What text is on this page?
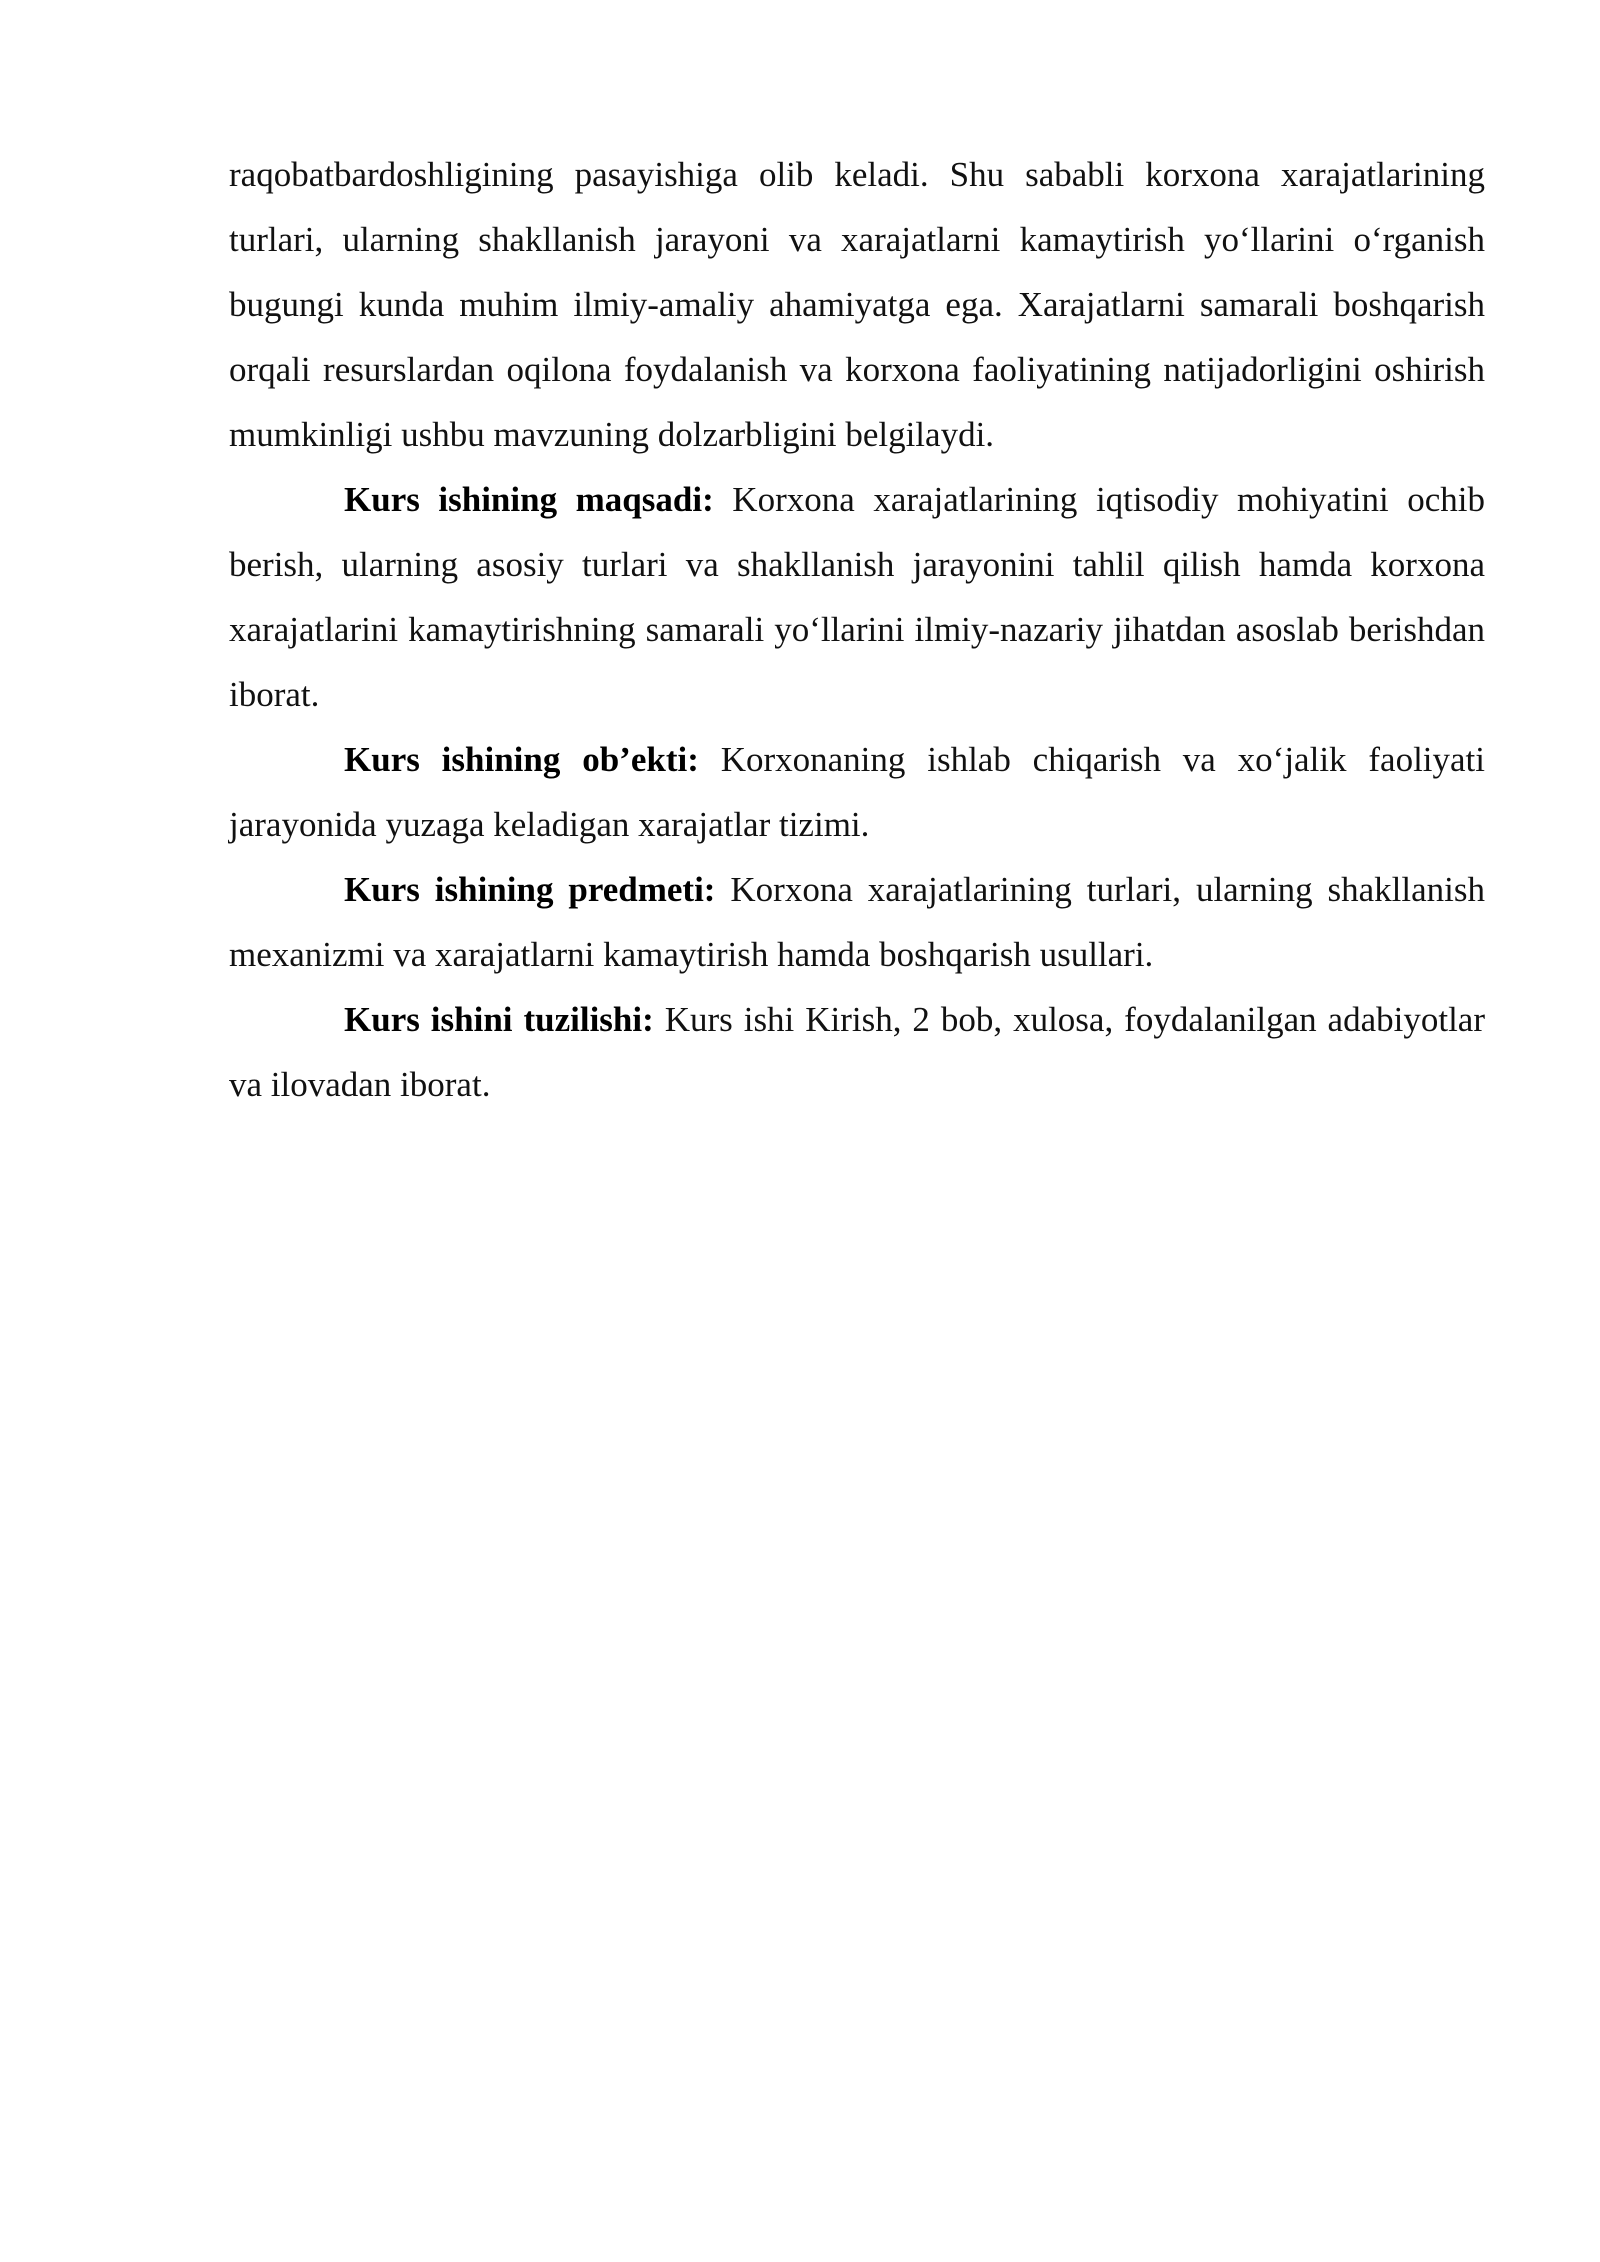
raqobatbardoshligining pasayishiga olib keladi. Shu sababli korxona xarajatlarining turlari, ularning shakllanish jarayoni va xarajatlarni kamaytirish yo‘llarini o‘rganish bugungi kunda muhim ilmiy-amaliy ahamiyatga ega. Xarajatlarni samarali boshqarish orqali resurslardan oqilona foydalanish va korxona faoliyatining natijadorligini oshirish mumkinligi ushbu mavzuning dolzarbligini belgilaydi.

Kurs ishining maqsadi: Korxona xarajatlarining iqtisodiy mohiyatini ochib berish, ularning asosiy turlari va shakllanish jarayonini tahlil qilish hamda korxona xarajatlarini kamaytirishning samarali yo‘llarini ilmiy-nazariy jihatdan asoslab berishdan iborat.

Kurs ishining ob’ekti: Korxonaning ishlab chiqarish va xo‘jalik faoliyati jarayonida yuzaga keladigan xarajatlar tizimi.

Kurs ishining predmeti: Korxona xarajatlarining turlari, ularning shakllanish mexanizmi va xarajatlarni kamaytirish hamda boshqarish usullari.

Kurs ishini tuzilishi: Kurs ishi Kirish, 2 bob, xulosa, foydalanilgan adabiyotlar va ilovadan iborat.
